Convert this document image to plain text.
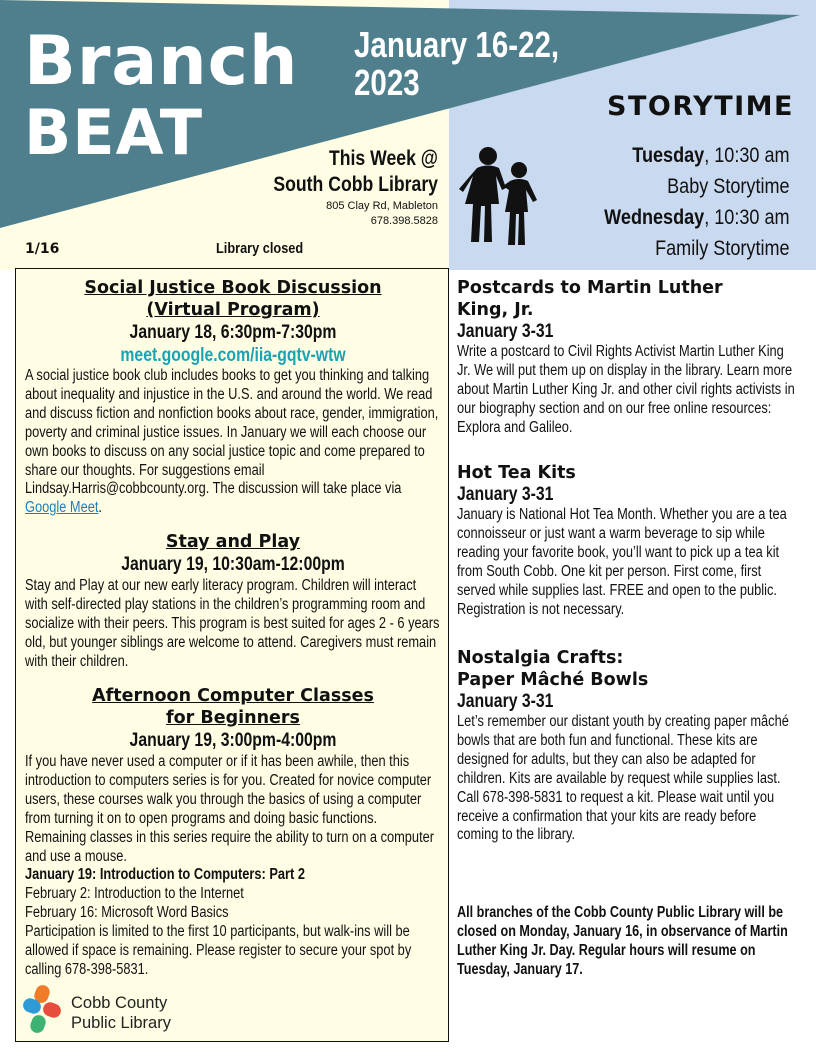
Branch
BEAT
January 16-22, 2023
This Week @
South Cobb Library
805 Clay Rd, Mableton
678.398.5828
1/16	Library closed
STORYTIME
Tuesday, 10:30 am
Baby Storytime
Wednesday, 10:30 am
Family Storytime
Social Justice Book Discussion
(Virtual Program)
January 18, 6:30pm-7:30pm
meet.google.com/iia-gqtv-wtw
A social justice book club includes books to get you thinking and talking about inequality and injustice in the U.S. and around the world. We read and discuss fiction and nonfiction books about race, gender, immigration, poverty and criminal justice issues. In January we will each choose our own books to discuss on any social justice topic and come prepared to share our thoughts. For suggestions email Lindsay.Harris@cobbcounty.org. The discussion will take place via Google Meet.
Stay and Play
January 19, 10:30am-12:00pm
Stay and Play at our new early literacy program. Children will interact with self-directed play stations in the children’s programming room and socialize with their peers. This program is best suited for ages 2 - 6 years old, but younger siblings are welcome to attend. Caregivers must remain with their children.
Afternoon Computer Classes
for Beginners
January 19, 3:00pm-4:00pm
If you have never used a computer or if it has been awhile, then this introduction to computers series is for you. Created for novice computer users, these courses walk you through the basics of using a computer from turning it on to open programs and doing basic functions. Remaining classes in this series require the ability to turn on a computer and use a mouse.
January 19: Introduction to Computers: Part 2
February 2: Introduction to the Internet
February 16: Microsoft Word Basics
Participation is limited to the first 10 participants, but walk-ins will be allowed if space is remaining. Please register to secure your spot by calling 678-398-5831.
Cobb County
Public Library
Postcards to Martin Luther
King, Jr.
January 3-31
Write a postcard to Civil Rights Activist Martin Luther King Jr. We will put them up on display in the library. Learn more about Martin Luther King Jr. and other civil rights activists in our biography section and on our free online resources: Explora and Galileo.
Hot Tea Kits
January 3-31
January is National Hot Tea Month. Whether you are a tea connoisseur or just want a warm beverage to sip while reading your favorite book, you’ll want to pick up a tea kit from South Cobb. One kit per person. First come, first served while supplies last. FREE and open to the public. Registration is not necessary.
Nostalgia Crafts:
Paper Mâché Bowls
January 3-31
Let’s remember our distant youth by creating paper mâché bowls that are both fun and functional. These kits are designed for adults, but they can also be adapted for children. Kits are available by request while supplies last. Call 678-398-5831 to request a kit. Please wait until you receive a confirmation that your kits are ready before coming to the library.
All branches of the Cobb County Public Library will be closed on Monday, January 16, in observance of Martin Luther King Jr. Day. Regular hours will resume on Tuesday, January 17.
